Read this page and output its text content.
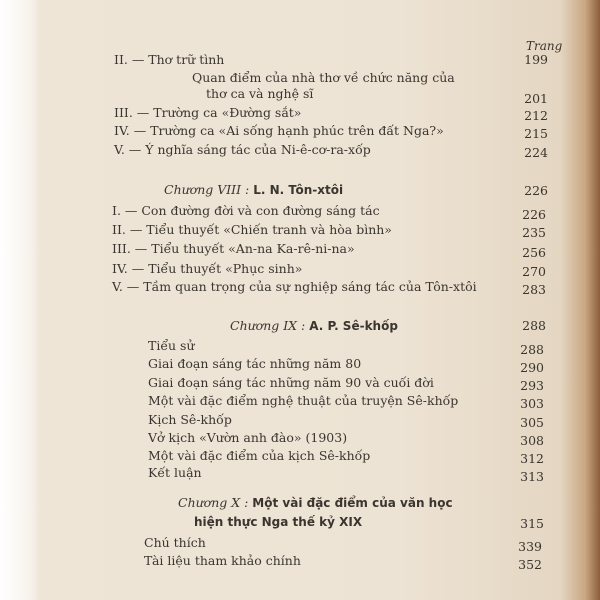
Trang
II. — Thơ trữ tình	199
Quan điểm của nhà thơ về chức năng của
thơ ca và nghệ sĩ	201
III. — Trường ca «Đường sắt»	212
IV. — Trường ca «Ai sống hạnh phúc trên đất Nga?»	215
V. — Ý nghĩa sáng tác của Ni-ê-cơ-ra-xốp	224
Chương VIII : L. N. Tôn-xtôi	226
I. — Con đường đời và con đường sáng tác	226
II. — Tiểu thuyết «Chiến tranh và hòa bình»	235
III. — Tiểu thuyết «An-na Ka-rê-ni-na»	256
IV. — Tiểu thuyết «Phục sinh»	270
V. — Tầm quan trọng của sự nghiệp sáng tác của Tôn-xtôi	283
Chương IX : A. P. Sê-khốp	288
Tiểu sử	288
Giai đoạn sáng tác những năm 80	290
Giai đoạn sáng tác những năm 90 và cuối đời	293
Một vài đặc điểm nghệ thuật của truyện Sê-khốp	303
Kịch Sê-khốp	305
Vở kịch «Vườn anh đào» (1903)	308
Một vài đặc điểm của kịch Sê-khốp	312
Kết luận	313
Chương X : Một vài đặc điểm của văn học
hiện thực Nga thế kỷ XIX	315
Chú thích	339
Tài liệu tham khảo chính	352
